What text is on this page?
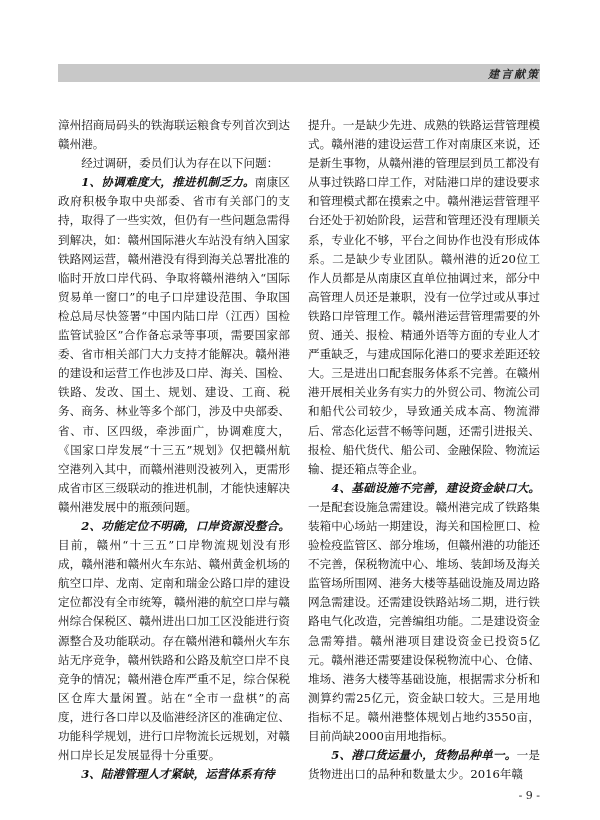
建言献策

漳州招商局码头的铁海联运粮食专列首次到达赣州港。

经过调研，委员们认为存在以下问题：

1、协调难度大，推进机制乏力。南康区政府积极争取中央部委、省市有关部门的支持，取得了一些实效，但仍有一些问题急需得到解决，如：赣州国际港火车站没有纳入国家铁路网运营，赣州港没有得到海关总署批准的临时开放口岸代码、争取将赣州港纳入“国际贸易单一窗口”的电子口岸建设范围、争取国检总局尽快签署“中国内陆口岸（江西）国检监管试验区”合作备忘录等事项，需要国家部委、省市相关部门大力支持才能解决。赣州港的建设和运营工作也涉及口岸、海关、国检、铁路、发改、国土、规划、建设、工商、税务、商务、林业等多个部门，涉及中央部委、省、市、区四级，牵涉面广，协调难度大，《国家口岸发展“十三五”规划》仅把赣州航空港列入其中，而赣州港则没被列入，更需形成省市区三级联动的推进机制，才能快速解决赣州港发展中的瓶颈问题。

2、功能定位不明确，口岸资源没整合。目前，赣州“十三五”口岸物流规划没有形成，赣州港和赣州火车东站、赣州黄金机场的航空口岸、龙南、定南和瑞金公路口岸的建设定位都没有全市统筹，赣州港的航空口岸与赣州综合保税区、赣州进出口加工区没能进行资源整合及功能联动。存在赣州港和赣州火车东站无序竞争，赣州铁路和公路及航空口岸不良竞争的情况；赣州港仓库严重不足，综合保税区仓库大量闲置。站在“全市一盘棋”的高度，进行各口岸以及临港经济区的准确定位、功能科学规划，进行口岸物流长远规划，对赣州口岸长足发展显得十分重要。

3、陆港管理人才紧缺，运营体系有待

提升。一是缺少先进、成熟的铁路运营管理模式。赣州港的建设运营工作对南康区来说，还是新生事物，从赣州港的管理层到员工都没有从事过铁路口岸工作，对陆港口岸的建设要求和管理模式都在摸索之中。赣州港运营管理平台还处于初始阶段，运营和管理还没有理顺关系，专业化不够，平台之间协作也没有形成体系。二是缺少专业团队。赣州港的近20位工作人员都是从南康区直单位抽调过来，部分中高管理人员还是兼职，没有一位学过或从事过铁路口岸管理工作。赣州港运营管理需要的外贸、通关、报检、精通外语等方面的专业人才严重缺乏，与建成国际化港口的要求差距还较大。三是进出口配套服务体系不完善。在赣州港开展相关业务有实力的外贸公司、物流公司和船代公司较少，导致通关成本高、物流滞后、常态化运营不畅等问题，还需引进报关、报检、船代货代、船公司、金融保险、物流运输、提还箱点等企业。

4、基础设施不完善，建设资金缺口大。一是配套设施急需建设。赣州港完成了铁路集装箱中心场站一期建设，海关和国检匣口、检验检疫监管区、部分堆场，但赣州港的功能还不完善，保税物流中心、堆场、装卸场及海关监管场所围网、港务大楼等基础设施及周边路网急需建设。还需建设铁路站场二期，进行铁路电气化改造，完善编组功能。二是建设资金急需筹措。赣州港项目建设资金已投资5亿元。赣州港还需要建设保税物流中心、仓储、堆场、港务大楼等基础设施，根据需求分析和测算约需25亿元，资金缺口较大。三是用地指标不足。赣州港整体规划占地约3550亩，目前尚缺2000亩用地指标。

5、港口货运量小，货物品种单一。一是货物进出口的品种和数量太少。2016年赣

- 9 -
